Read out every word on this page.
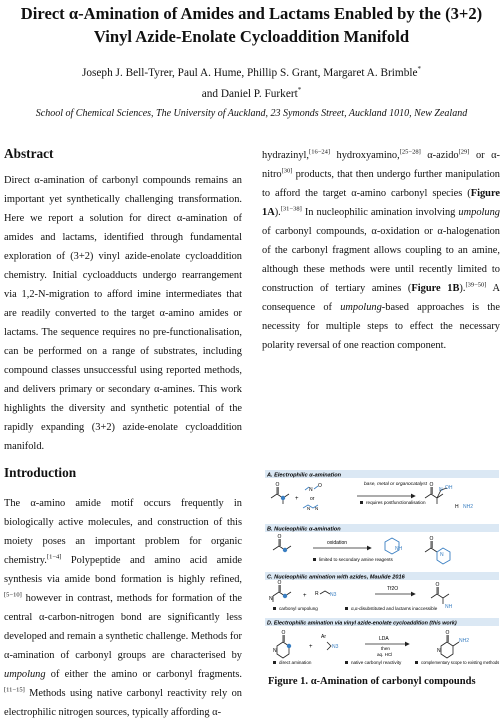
Direct α-Amination of Amides and Lactams Enabled by the (3+2)
Vinyl Azide-Enolate Cycloaddition Manifold
Joseph J. Bell-Tyrer, Paul A. Hume, Phillip S. Grant, Margaret A. Brimble*
and Daniel P. Furkert*
School of Chemical Sciences, The University of Auckland, 23 Symonds Street, Auckland 1010, New Zealand
Abstract

Direct α-amination of carbonyl compounds remains an important yet synthetically challenging transformation. Here we report a solution for direct α-amination of amides and lactams, identified through fundamental exploration of (3+2) vinyl azide-enolate cycloaddition chemistry. Initial cycloadducts undergo rearrangement via 1,2-N-migration to afford imine intermediates that are readily converted to the target α-amino amides or lactams. The sequence requires no pre-functionalisation, can be performed on a range of substrates, including compound classes unsuccessful using reported methods, and delivers primary or secondary α-amines. This work highlights the diversity and synthetic potential of the rapidly expanding (3+2) azide-enolate cycloaddition manifold.

Introduction

The α-amino amide motif occurs frequently in biologically active molecules, and construction of this moiety poses an important problem for organic chemistry.[1−4] Polypeptide and amino acid amide synthesis via amide bond formation is highly refined,[5−10] however in contrast, methods for formation of the central α-carbon-nitrogen bond are significantly less developed and remain a synthetic challenge. Methods for α-amination of carbonyl groups are characterised by umpolung of either the amino or carbonyl fragments.[11−15] Methods using native carbonyl reactivity rely on electrophilic nitrogen sources, typically affording α-

hydrazinyl,[16−24] hydroxyamino,[25−28] α-azido[29] or α-nitro[30] products, that then undergo further manipulation to afford the target α-amino carbonyl species (Figure 1A).[31−38] In nucleophilic amination involving umpolung of carbonyl compounds, α-oxidation or α-halogenation of the carbonyl fragment allows coupling to an amine, although these methods were until recently limited to construction of tertiary amines (Figure 1B).[39−50] A consequence of umpolung-based approaches is the necessity for multiple steps to effect the necessary polarity reversal of one reaction component.

A. Electrophilic α-amination
O
+
N
O
or
N N
base, metal or organocatalyst
requires postfunctionalisation
O OH
N
H NH2
B. Nucleophilic α-amination
O
oxidation
limited to secondary amine reagents
NH
O
N
C. Nucleophilic amination with azides, Maulide 2016
O
N	+ R N3
Tf2O
carbonyl umpolung	α,α-disubstituted and lactams inaccessible
O
NH
D. Electrophilic amination via vinyl azide-enolate cycloaddition (this work)
O
N
+
Ar
N3
LDA
then
aq. HCl
O
N
NH2
direct amination	native carbonyl reactivity	complementary scope to existing methods
Figure 1. α-Amination of carbonyl compounds
